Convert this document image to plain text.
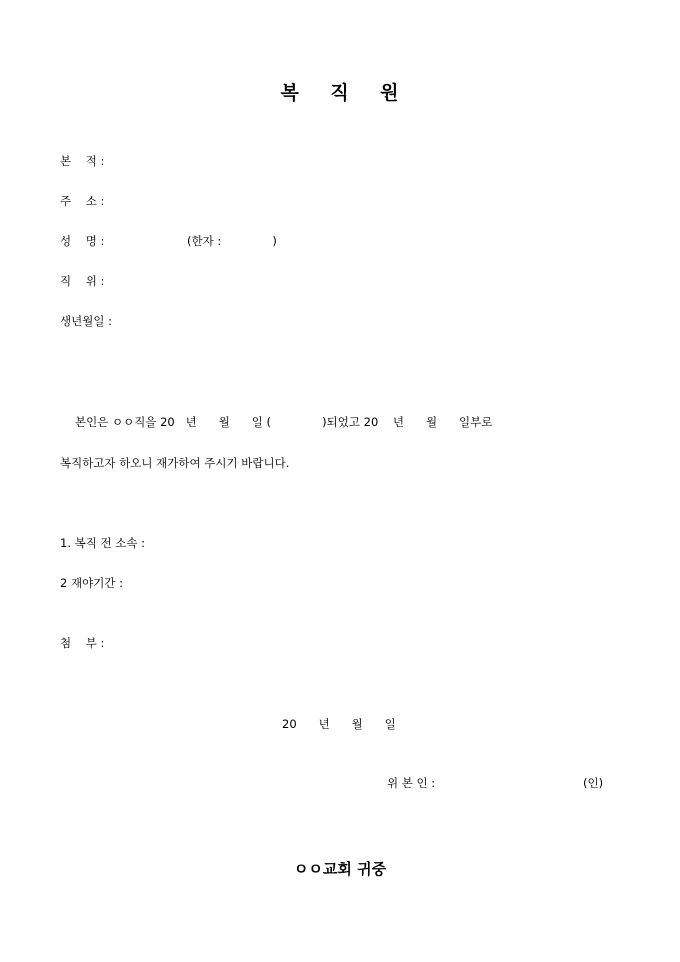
복    직    원
본    적 :
주    소 :
성    명 :	(한자 :              )
직    위 :
생년월일 :
본인은 ㅇㅇ직을 20   년      월      일 (              )되었고 20    년      월      일부로
복직하고자 하오니 재가하여 주시기 바랍니다.
1. 복직 전 소속 :
2 재야기간 :
첨    부 :
20      년      월      일
위 본 인 :	(인)
ㅇㅇ교회 귀중
